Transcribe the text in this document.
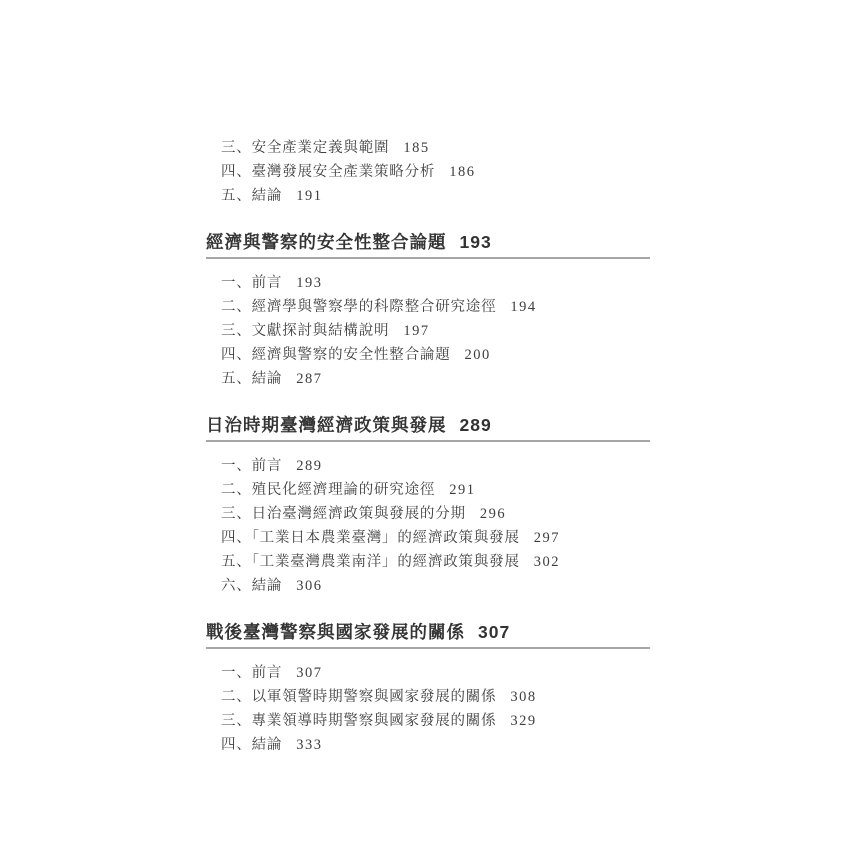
三、安全產業定義與範圍 185
四、臺灣發展安全產業策略分析 186
五、結論 191
經濟與警察的安全性整合論題 193
一、前言 193
二、經濟學與警察學的科際整合研究途徑 194
三、文獻探討與結構說明 197
四、經濟與警察的安全性整合論題 200
五、結論 287
日治時期臺灣經濟政策與發展 289
一、前言 289
二、殖民化經濟理論的研究途徑 291
三、日治臺灣經濟政策與發展的分期 296
四、「工業日本農業臺灣」的經濟政策與發展 297
五、「工業臺灣農業南洋」的經濟政策與發展 302
六、結論 306
戰後臺灣警察與國家發展的關係 307
一、前言 307
二、以軍領警時期警察與國家發展的關係 308
三、專業領導時期警察與國家發展的關係 329
四、結論 333
